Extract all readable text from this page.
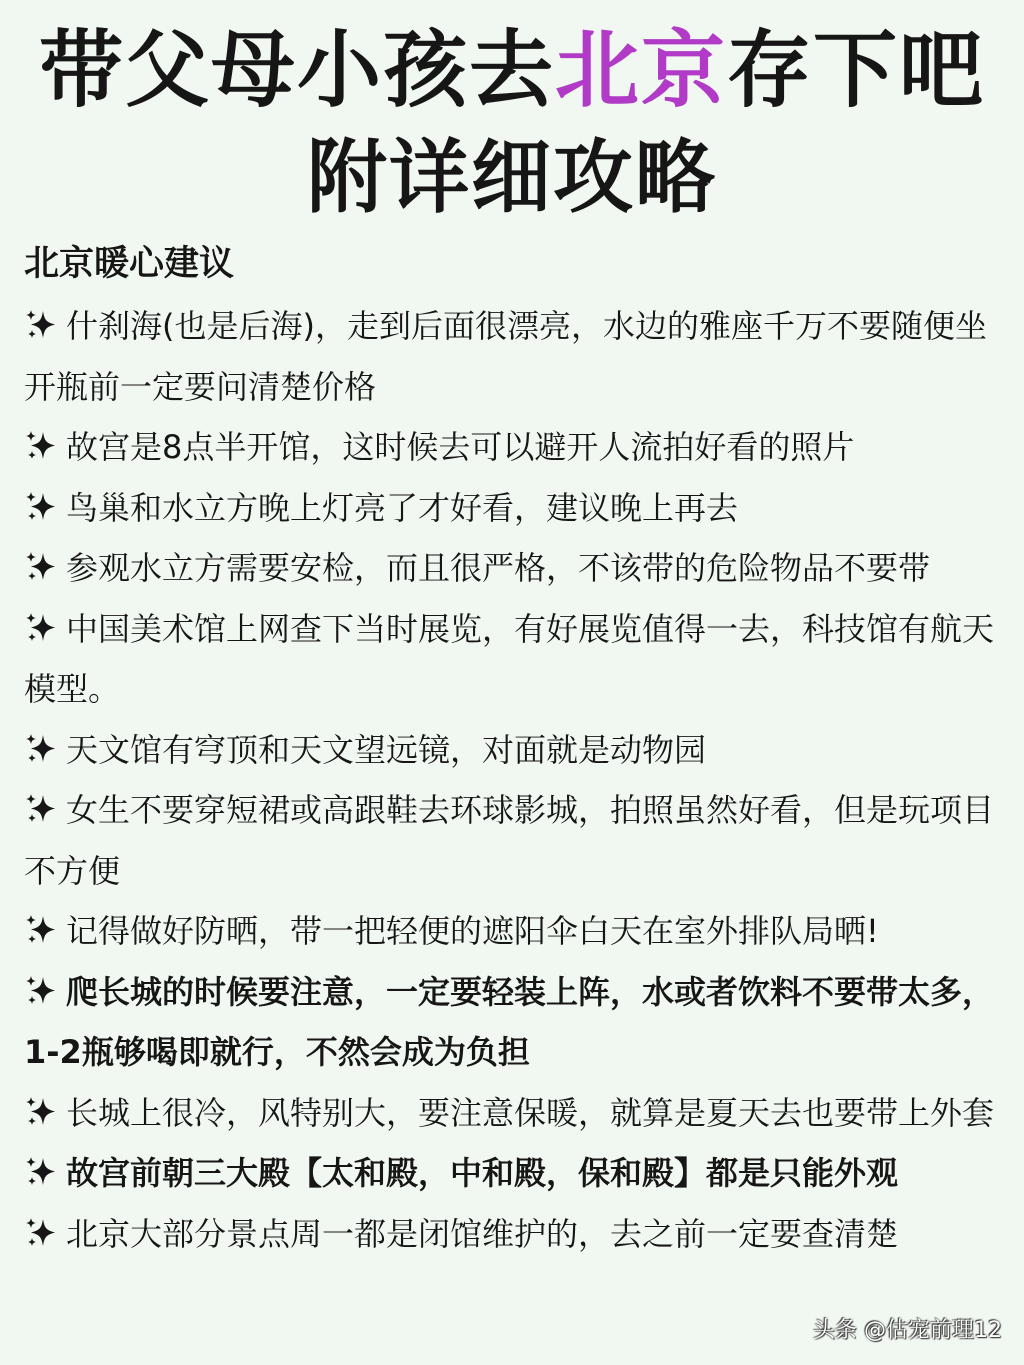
带父母小孩去北京存下吧
附详细攻略
北京暖心建议
什刹海(也是后海)，走到后面很漂亮，水边的雅座千万不要随便坐开瓶前一定要问清楚价格
故宫是8点半开馆，这时候去可以避开人流拍好看的照片
鸟巢和水立方晚上灯亮了才好看，建议晚上再去
参观水立方需要安检，而且很严格，不该带的危险物品不要带
中国美术馆上网查下当时展览，有好展览值得一去，科技馆有航天模型。
天文馆有穹顶和天文望远镜，对面就是动物园
女生不要穿短裙或高跟鞋去环球影城，拍照虽然好看，但是玩项目不方便
记得做好防晒，带一把轻便的遮阳伞白天在室外排队局晒!
爬长城的时候要注意，一定要轻装上阵，水或者饮料不要带太多，1-2瓶够喝即就行，不然会成为负担
长城上很冷，风特别大，要注意保暖，就算是夏天去也要带上外套
故宫前朝三大殿【太和殿，中和殿，保和殿】都是只能外观
北京大部分景点周一都是闭馆维护的，去之前一定要查清楚
头条 @估宠前理12
